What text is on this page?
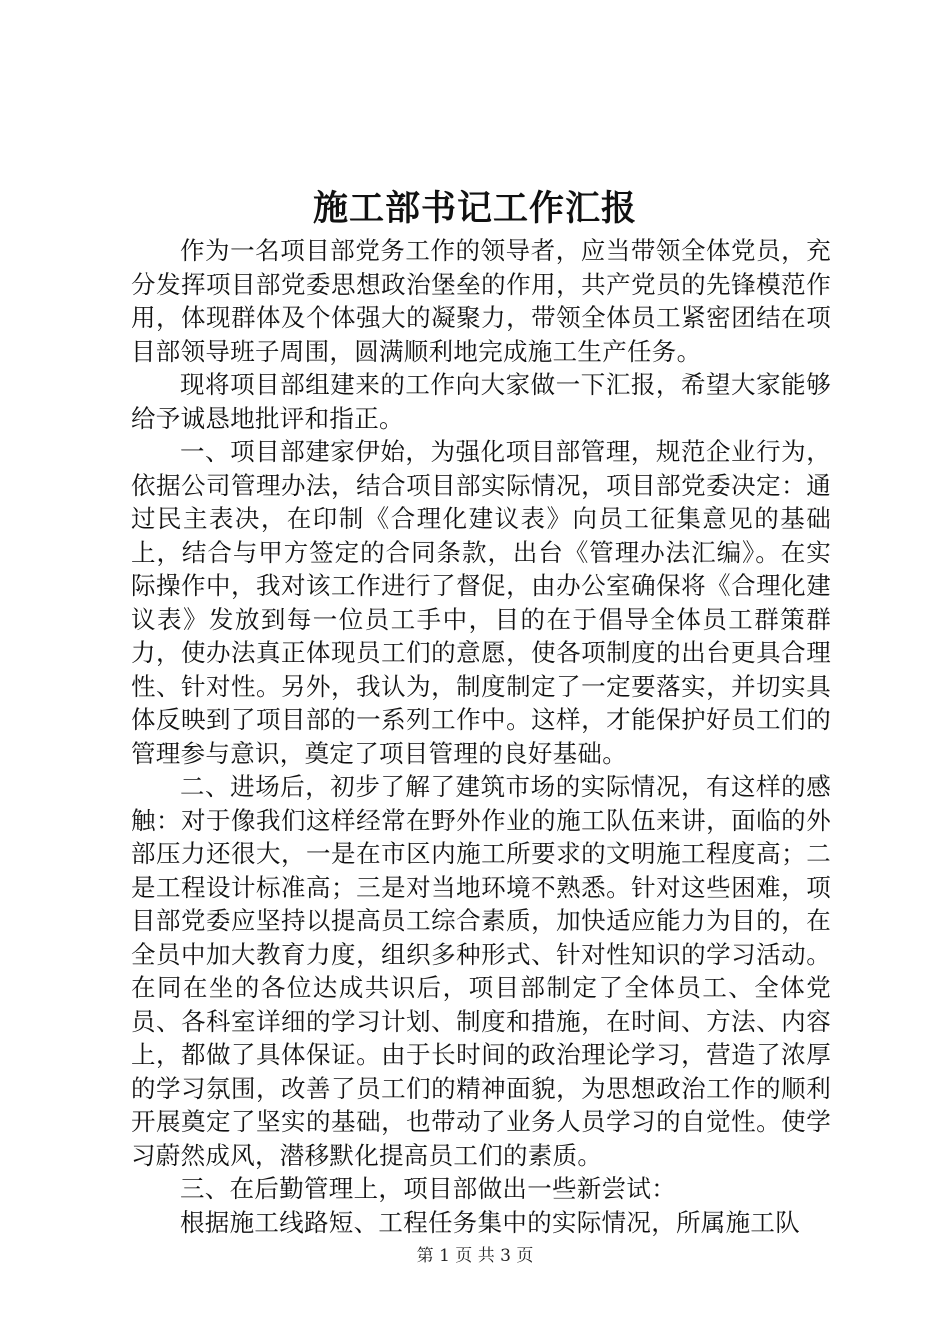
施工部书记工作汇报

作为一名项目部党务工作的领导者，应当带领全体党员，充分发挥项目部党委思想政治堡垒的作用，共产党员的先锋模范作用，体现群体及个体强大的凝聚力，带领全体员工紧密团结在项目部领导班子周围，圆满顺利地完成施工生产任务。

现将项目部组建来的工作向大家做一下汇报，希望大家能够给予诚恳地批评和指正。

一、项目部建家伊始，为强化项目部管理，规范企业行为，依据公司管理办法，结合项目部实际情况，项目部党委决定：通过民主表决，在印制《合理化建议表》向员工征集意见的基础上，结合与甲方签定的合同条款，出台《管理办法汇编》。在实际操作中，我对该工作进行了督促，由办公室确保将《合理化建议表》发放到每一位员工手中，目的在于倡导全体员工群策群力，使办法真正体现员工们的意愿，使各项制度的出台更具合理性、针对性。另外，我认为，制度制定了一定要落实，并切实具体反映到了项目部的一系列工作中。这样，才能保护好员工们的管理参与意识，奠定了项目管理的良好基础。

二、进场后，初步了解了建筑市场的实际情况，有这样的感触：对于像我们这样经常在野外作业的施工队伍来讲，面临的外部压力还很大，一是在市区内施工所要求的文明施工程度高；二是工程设计标准高；三是对当地环境不熟悉。针对这些困难，项目部党委应坚持以提高员工综合素质，加快适应能力为目的，在全员中加大教育力度，组织多种形式、针对性知识的学习活动。在同在坐的各位达成共识后，项目部制定了全体员工、全体党员、各科室详细的学习计划、制度和措施，在时间、方法、内容上，都做了具体保证。由于长时间的政治理论学习，营造了浓厚的学习氛围，改善了员工们的精神面貌，为思想政治工作的顺利开展奠定了坚实的基础，也带动了业务人员学习的自觉性。使学习蔚然成风，潜移默化提高员工们的素质。

三、在后勤管理上，项目部做出一些新尝试：

根据施工线路短、工程任务集中的实际情况，所属施工队

第 1 页 共 3 页
